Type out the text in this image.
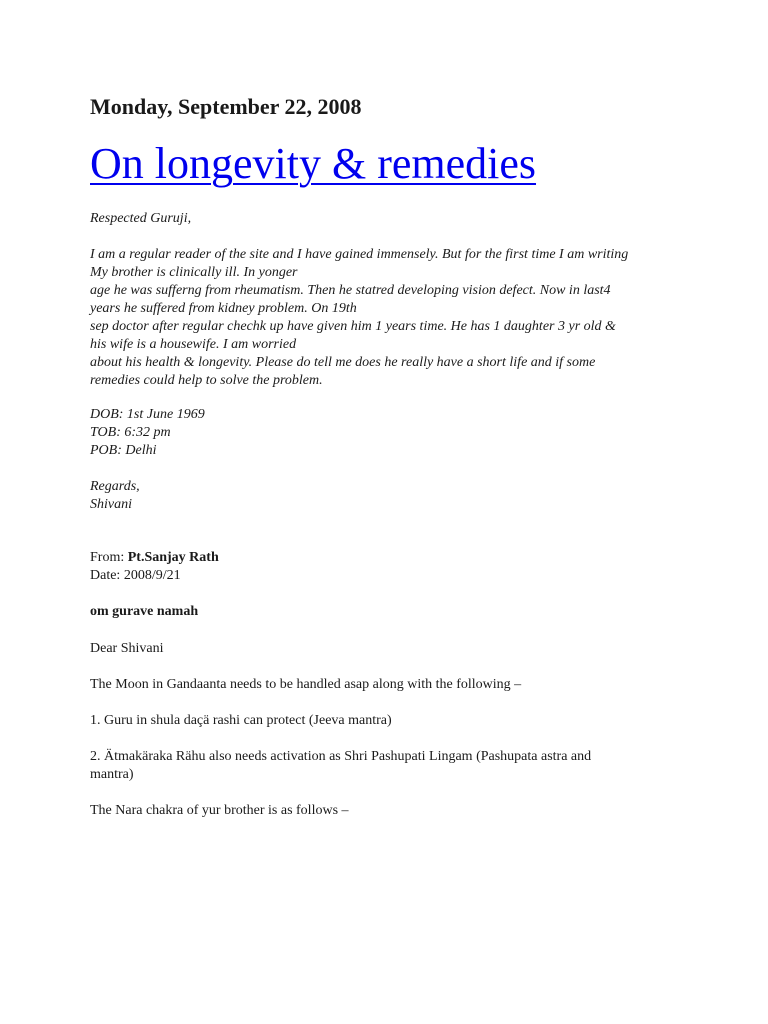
Monday, September 22, 2008
On longevity & remedies

Respected Guruji,

I am a regular reader of the site and I have gained immensely. But for the first time I am writing
My brother is clinically ill. In yonger
age he was sufferng from rheumatism. Then he statred developing vision defect. Now in last4
years he suffered from kidney problem. On 19th
sep doctor after regular chechk up have given him 1 years time. He has 1 daughter 3 yr old &
his wife is a housewife. I am worried
about his health & longevity. Please do tell me does he really have a short life and if some
remedies could help to solve the problem.
DOB: 1st June 1969
TOB: 6:32 pm
POB: Delhi
Regards,
Shivani
From: Pt.Sanjay Rath
Date: 2008/9/21

om gurave namah

Dear Shivani

The Moon in Gandaanta needs to be handled asap along with the following –

1. Guru in shula daçä rashi can protect (Jeeva mantra)

2. Ätmakäraka Rähu also needs activation as Shri Pashupati Lingam (Pashupata astra and
mantra)

The Nara chakra of yur brother is as follows –
